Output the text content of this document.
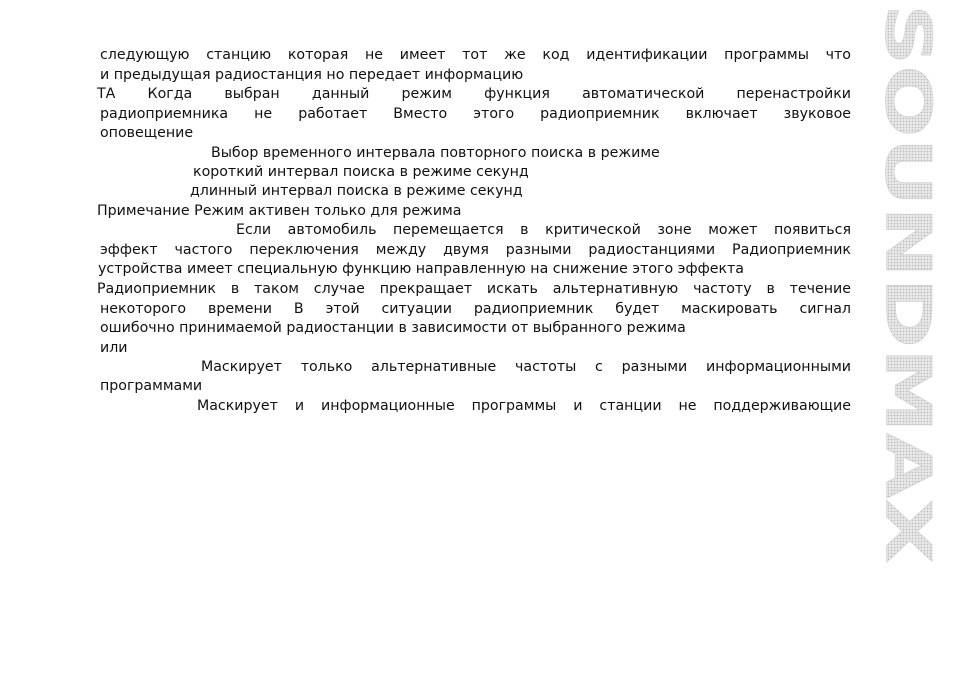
следующую станцию которая не имеет тот же код идентификации программы что
и предыдущая радиостанция но передает информацию
ТА Когда выбран данный режим функция автоматической перенастройки
радиоприемника не работает Вместо этого радиоприемник включает звуковое
оповещение
Выбор временного интервала повторного поиска в режиме
короткий интервал поиска в режиме секунд
длинный интервал поиска в режиме секунд
Примечание Режим активен только для режима
Если автомобиль перемещается в критической зоне может появиться
эффект частого переключения между двумя разными радиостанциями Радиоприемник
устройства имеет специальную функцию направленную на снижение этого эффекта
Радиоприемник в таком случае прекращает искать альтернативную частоту в течение
некоторого времени В этой ситуации радиоприемник будет маскировать сигнал
ошибочно принимаемой радиостанции в зависимости от выбранного режима
или
Маскирует только альтернативные частоты с разными информационными
программами
Маскирует и информационные программы и станции не поддерживающие SOUNDMAX
